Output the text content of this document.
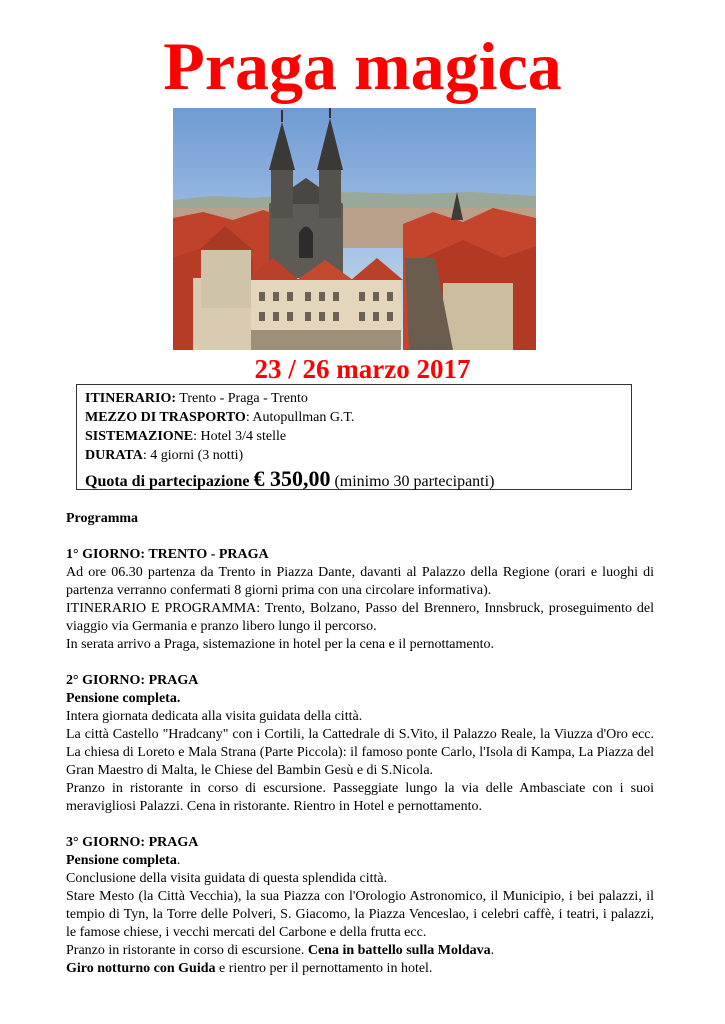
Praga magica
23 / 26 marzo 2017
ITINERARIO: Trento - Praga - Trento
MEZZO DI TRASPORTO: Autopullman G.T.
SISTEMAZIONE: Hotel 3/4 stelle
DURATA: 4 giorni (3 notti)
Quota di partecipazione € 350,00 (minimo 30 partecipanti)

Programma

1° GIORNO: TRENTO - PRAGA

Ad ore 06.30 partenza da Trento in Piazza Dante, davanti al Palazzo della Regione (orari e luoghi di partenza verranno confermati 8 giorni prima con una circolare informativa).

ITINERARIO E PROGRAMMA: Trento, Bolzano, Passo del Brennero, Innsbruck, proseguimento del viaggio via Germania e pranzo libero lungo il percorso.

In serata arrivo a Praga, sistemazione in hotel per la cena e il pernottamento.

2° GIORNO: PRAGA

Pensione completa.

Intera giornata dedicata alla visita guidata della città.

La città Castello "Hradcany" con i Cortili, la Cattedrale di S.Vito, il Palazzo Reale, la Viuzza d'Oro ecc. La chiesa di Loreto e Mala Strana (Parte Piccola): il famoso ponte Carlo, l'Isola di Kampa, La Piazza del Gran Maestro di Malta, le Chiese del Bambin Gesù e di S.Nicola.

Pranzo in ristorante in corso di escursione. Passeggiate lungo la via delle Ambasciate con i suoi meravigliosi Palazzi. Cena in ristorante. Rientro in Hotel e pernottamento.

3° GIORNO: PRAGA

Pensione completa.

Conclusione della visita guidata di questa splendida città.

Stare Mesto (la Città Vecchia), la sua Piazza con l'Orologio Astronomico, il Municipio, i bei palazzi, il tempio di Tyn, la Torre delle Polveri, S. Giacomo, la Piazza Venceslao, i celebri caffè, i teatri, i palazzi, le famose chiese, i vecchi mercati del Carbone e della frutta ecc.

Pranzo in ristorante in corso di escursione. Cena in battello sulla Moldava.

Giro notturno con Guida e rientro per il pernottamento in hotel.
